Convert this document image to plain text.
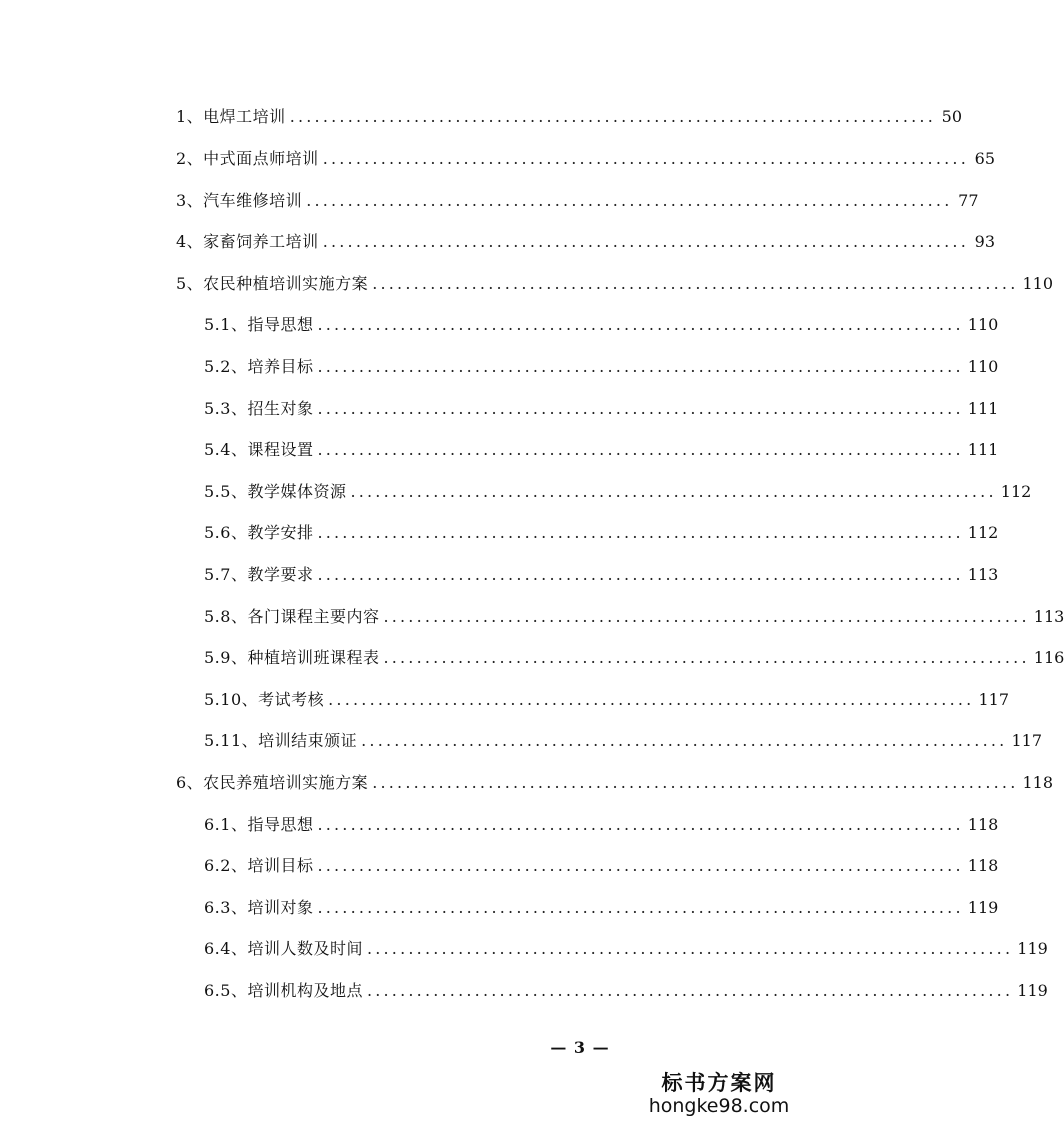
1、电焊工培训 .............................................................................. 50
2、中式面点师培训 .............................................................................. 65
3、汽车维修培训 .............................................................................. 77
4、家畜饲养工培训 .............................................................................. 93
5、农民种植培训实施方案 .............................................................................. 110
5.1、指导思想 .............................................................................. 110
5.2、培养目标 .............................................................................. 110
5.3、招生对象 .............................................................................. 111
5.4、课程设置 .............................................................................. 111
5.5、教学媒体资源 .............................................................................. 112
5.6、教学安排 .............................................................................. 112
5.7、教学要求 .............................................................................. 113
5.8、各门课程主要内容 .............................................................................. 113
5.9、种植培训班课程表 .............................................................................. 116
5.10、考试考核 .............................................................................. 117
5.11、培训结束颁证 .............................................................................. 117
6、农民养殖培训实施方案 .............................................................................. 118
6.1、指导思想 .............................................................................. 118
6.2、培训目标 .............................................................................. 118
6.3、培训对象 .............................................................................. 119
6.4、培训人数及时间 .............................................................................. 119
6.5、培训机构及地点 .............................................................................. 119
— 3 —
标书方案网
hongke98.com
